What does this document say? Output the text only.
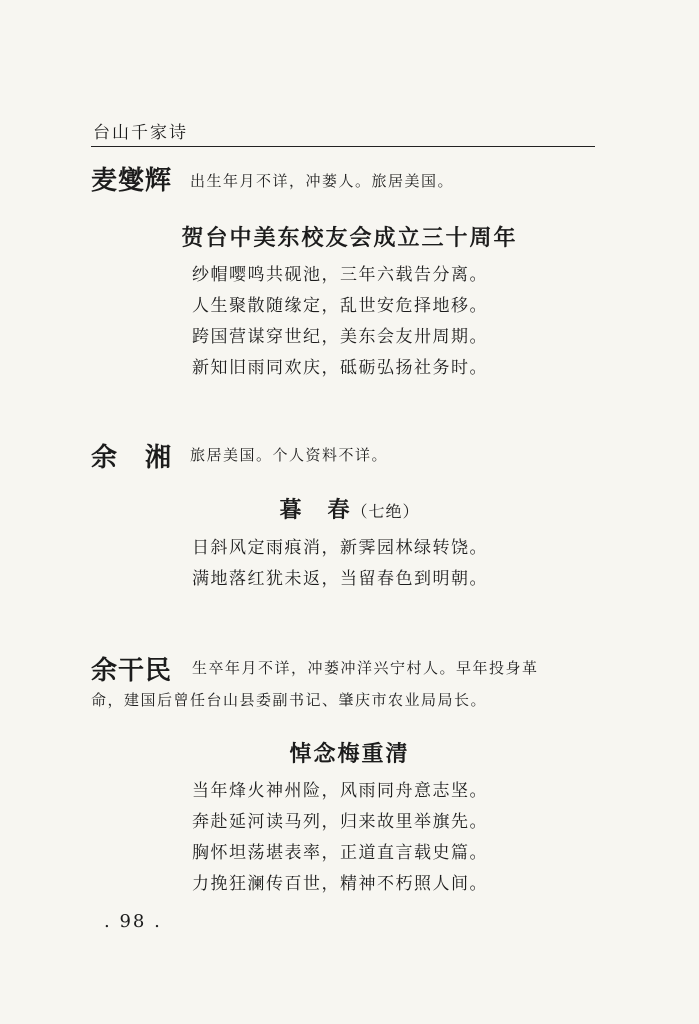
台山千家诗
麦燮辉 出生年月不详，冲蒌人。旅居美国。
贺台中美东校友会成立三十周年
纱帽嘤鸣共砚池，三年六载告分离。
人生聚散随缘定，乱世安危择地移。
跨国营谋穿世纪，美东会友卅周期。
新知旧雨同欢庆，砥砺弘扬社务时。
余　湘 旅居美国。个人资料不详。
暮　春（七绝）
日斜风定雨痕消，新霁园林绿转饶。
满地落红犹未返，当留春色到明朝。
余干民 生卒年月不详，冲蒌冲洋兴宁村人。早年投身革
命，建国后曾任台山县委副书记、肇庆市农业局局长。
悼念梅重清
当年烽火神州险，风雨同舟意志坚。
奔赴延河读马列，归来故里举旗先。
胸怀坦荡堪表率，正道直言载史篇。
力挽狂澜传百世，精神不朽照人间。
. 98 .
